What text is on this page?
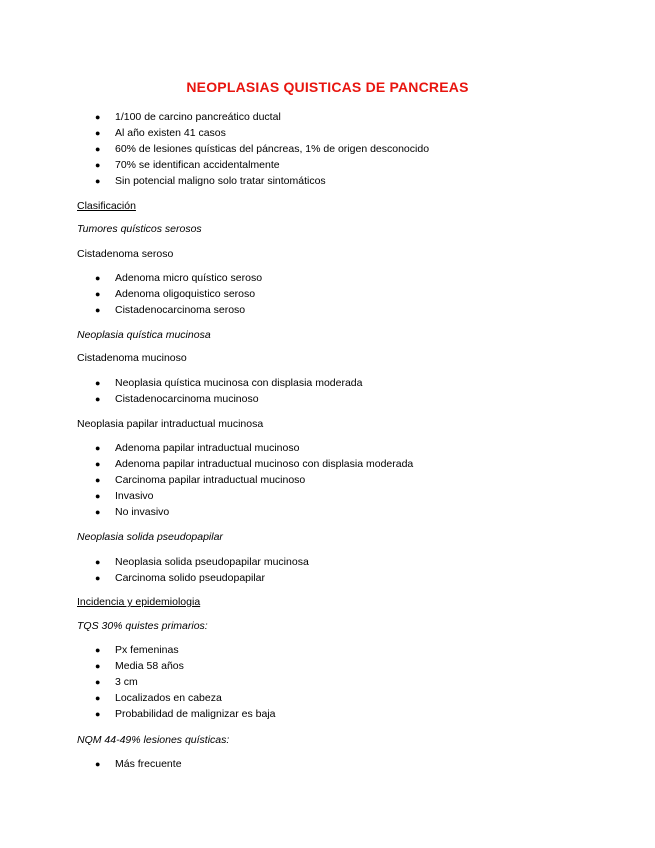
NEOPLASIAS QUISTICAS DE PANCREAS
● 1/100 de carcino pancreático ductal
● Al año existen 41 casos
● 60% de lesiones quísticas del páncreas, 1% de origen desconocido
● 70% se identifican accidentalmente
● Sin potencial maligno solo tratar sintomáticos
Clasificación
Tumores quísticos serosos
Cistadenoma seroso
● Adenoma micro quístico seroso
● Adenoma oligoquistico seroso
● Cistadenocarcinoma seroso
Neoplasia quística mucinosa
Cistadenoma mucinoso
● Neoplasia quística mucinosa con displasia moderada
● Cistadenocarcinoma mucinoso
Neoplasia papilar intraductual mucinosa
● Adenoma papilar intraductual mucinoso
● Adenoma papilar intraductual mucinoso con displasia moderada
● Carcinoma papilar intraductual mucinoso
● Invasivo
● No invasivo
Neoplasia solida pseudopapilar
● Neoplasia solida pseudopapilar mucinosa
● Carcinoma solido pseudopapilar
Incidencia y epidemiologia
TQS 30% quistes primarios:
● Px femeninas
● Media 58 años
● 3 cm
● Localizados en cabeza
● Probabilidad de malignizar es baja
NQM 44-49% lesiones quísticas:
● Más frecuente
